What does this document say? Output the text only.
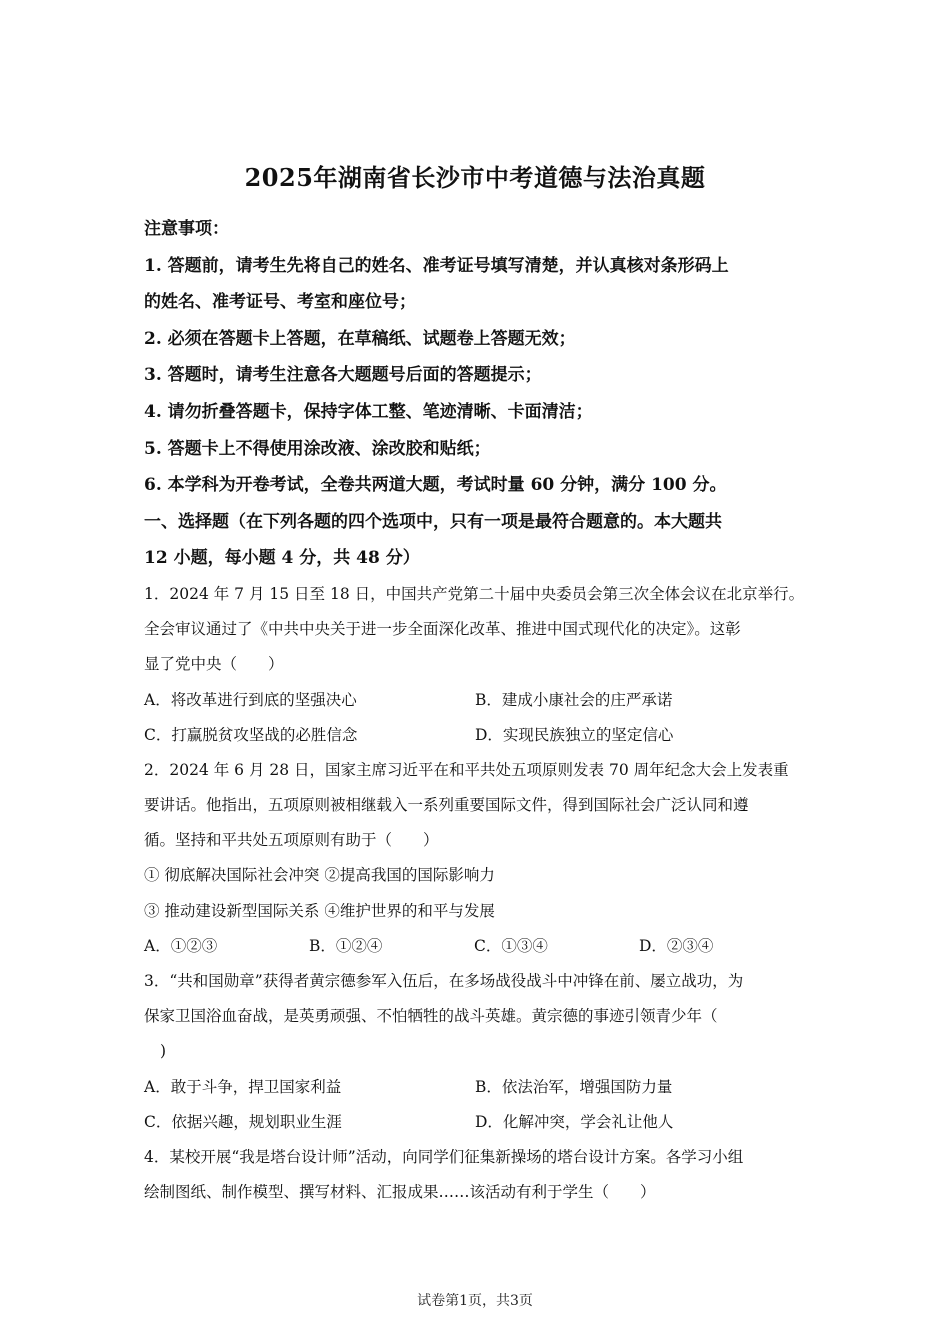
2025年湖南省长沙市中考道德与法治真题
注意事项：
1. 答题前，请考生先将自己的姓名、准考证号填写清楚，并认真核对条形码上
的姓名、准考证号、考室和座位号；
2. 必须在答题卡上答题，在草稿纸、试题卷上答题无效；
3. 答题时，请考生注意各大题题号后面的答题提示；
4. 请勿折叠答题卡，保持字体工整、笔迹清晰、卡面清洁；
5. 答题卡上不得使用涂改液、涂改胶和贴纸；
6. 本学科为开卷考试，全卷共两道大题，考试时量 60 分钟，满分 100 分。
一、选择题（在下列各题的四个选项中，只有一项是最符合题意的。本大题共
12 小题，每小题 4 分，共 48 分）
1．2024 年 7 月 15 日至 18 日，中国共产党第二十届中央委员会第三次全体会议在北京举行。
全会审议通过了《中共中央关于进一步全面深化改革、推进中国式现代化的决定》。这彰
显了党中央（　　）
A．将改革进行到底的坚强决心	B．建成小康社会的庄严承诺
C．打赢脱贫攻坚战的必胜信念	D．实现民族独立的坚定信心
2．2024 年 6 月 28 日，国家主席习近平在和平共处五项原则发表 70 周年纪念大会上发表重
要讲话。他指出，五项原则被相继载入一系列重要国际文件，得到国际社会广泛认同和遵
循。坚持和平共处五项原则有助于（　　）
① 彻底解决国际社会冲突 ②提高我国的国际影响力
③ 推动建设新型国际关系 ④维护世界的和平与发展
A．①②③	B．①②④	C．①③④	D．②③④
3．“共和国勋章”获得者黄宗德参军入伍后，在多场战役战斗中冲锋在前、屡立战功，为
保家卫国浴血奋战，是英勇顽强、不怕牺牲的战斗英雄。黄宗德的事迹引领青少年（
)
A．敢于斗争，捍卫国家利益	B．依法治军，增强国防力量
C．依据兴趣，规划职业生涯	D．化解冲突，学会礼让他人
4．某校开展“我是塔台设计师”活动，向同学们征集新操场的塔台设计方案。各学习小组
绘制图纸、制作模型、撰写材料、汇报成果……该活动有利于学生（　　）
试卷第1页，共3页
